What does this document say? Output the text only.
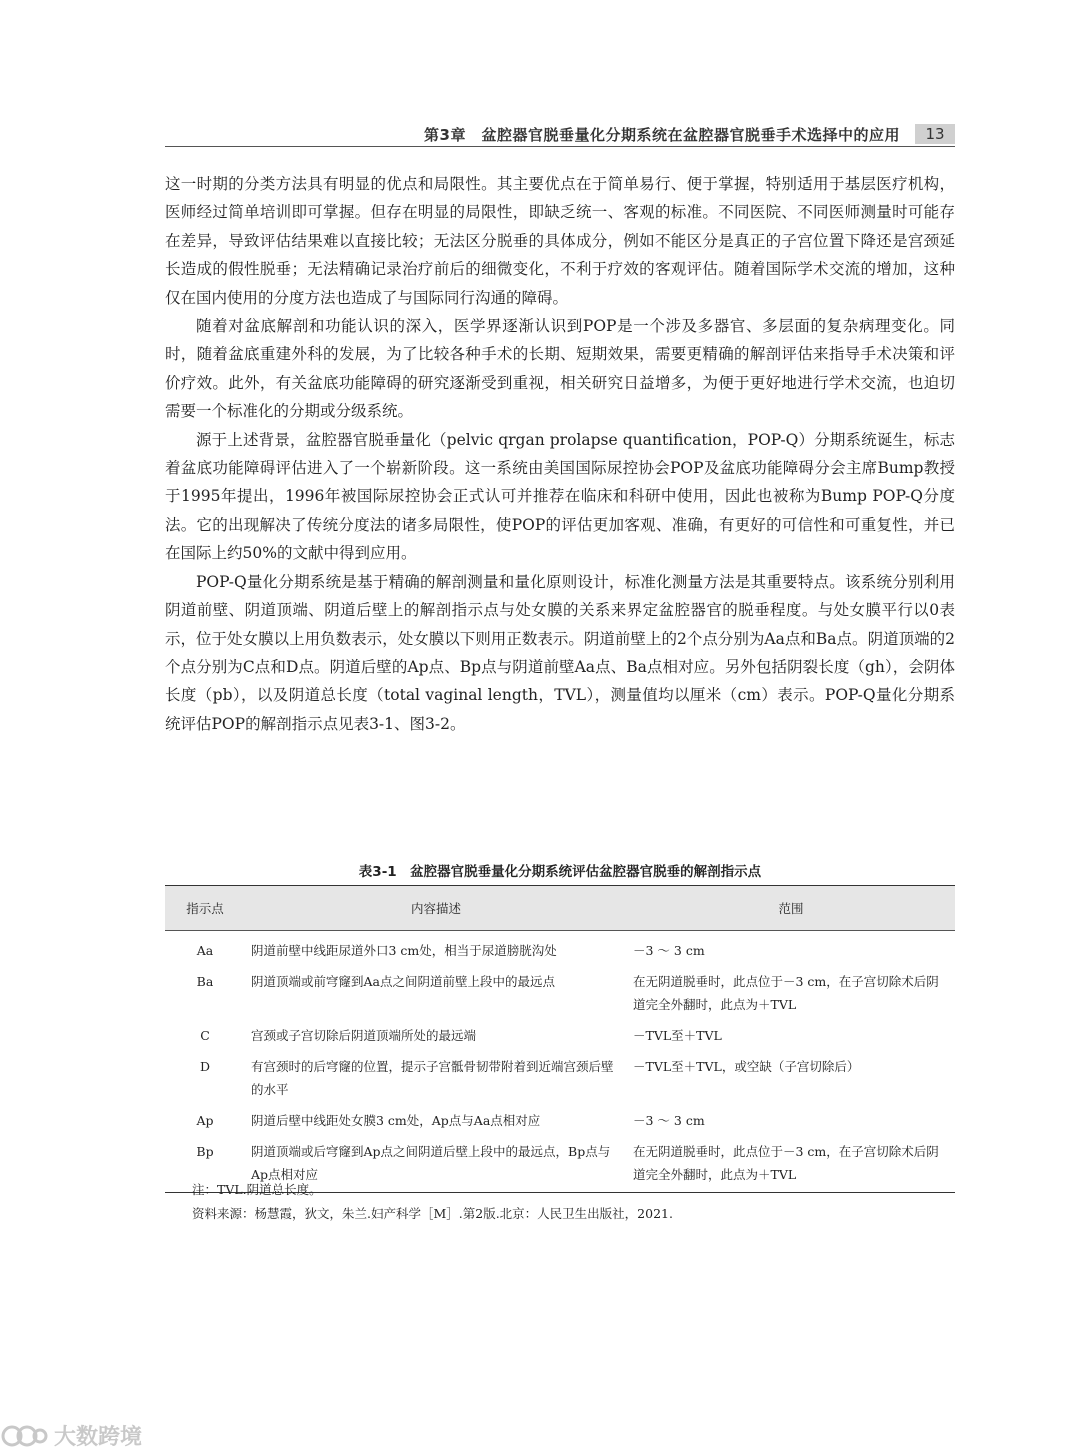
第3章　盆腔器官脱垂量化分期系统在盆腔器官脱垂手术选择中的应用	13

这一时期的分类方法具有明显的优点和局限性。其主要优点在于简单易行、便于掌握，特别适用于基层医疗机构，医师经过简单培训即可掌握。但存在明显的局限性，即缺乏统一、客观的标准。不同医院、不同医师测量时可能存在差异，导致评估结果难以直接比较；无法区分脱垂的具体成分，例如不能区分是真正的子宫位置下降还是宫颈延长造成的假性脱垂；无法精确记录治疗前后的细微变化，不利于疗效的客观评估。随着国际学术交流的增加，这种仅在国内使用的分度方法也造成了与国际同行沟通的障碍。

随着对盆底解剖和功能认识的深入，医学界逐渐认识到POP是一个涉及多器官、多层面的复杂病理变化。同时，随着盆底重建外科的发展，为了比较各种手术的长期、短期效果，需要更精确的解剖评估来指导手术决策和评价疗效。此外，有关盆底功能障碍的研究逐渐受到重视，相关研究日益增多，为便于更好地进行学术交流，也迫切需要一个标准化的分期或分级系统。

源于上述背景，盆腔器官脱垂量化（pelvic qrgan prolapse quantification，POP-Q）分期系统诞生，标志着盆底功能障碍评估进入了一个崭新阶段。这一系统由美国国际尿控协会POP及盆底功能障碍分会主席Bump教授于1995年提出，1996年被国际尿控协会正式认可并推荐在临床和科研中使用，因此也被称为Bump POP-Q分度法。它的出现解决了传统分度法的诸多局限性，使POP的评估更加客观、准确，有更好的可信性和可重复性，并已在国际上约50%的文献中得到应用。

POP-Q量化分期系统是基于精确的解剖测量和量化原则设计，标准化测量方法是其重要特点。该系统分别利用阴道前壁、阴道顶端、阴道后壁上的解剖指示点与处女膜的关系来界定盆腔器官的脱垂程度。与处女膜平行以0表示，位于处女膜以上用负数表示，处女膜以下则用正数表示。阴道前壁上的2个点分别为Aa点和Ba点。阴道顶端的2个点分别为C点和D点。阴道后壁的Ap点、Bp点与阴道前壁Aa点、Ba点相对应。另外包括阴裂长度（gh），会阴体长度（pb），以及阴道总长度（total vaginal length，TVL），测量值均以厘米（cm）表示。POP-Q量化分期系统评估POP的解剖指示点见表3-1、图3-2。

表3-1　盆腔器官脱垂量化分期系统评估盆腔器官脱垂的解剖指示点
指示点	内容描述	范围
Aa	阴道前壁中线距尿道外口3 cm处，相当于尿道膀胱沟处	－3 ～ 3 cm
Ba	阴道顶端或前穹窿到Aa点之间阴道前壁上段中的最远点	在无阴道脱垂时，此点位于－3 cm，在子宫切除术后阴道完全外翻时，此点为＋TVL
C	宫颈或子宫切除后阴道顶端所处的最远端	－TVL至＋TVL
D	有宫颈时的后穹窿的位置，提示子宫骶骨韧带附着到近端宫颈后壁的水平	－TVL至＋TVL，或空缺（子宫切除后）
Ap	阴道后壁中线距处女膜3 cm处，Ap点与Aa点相对应	－3 ～ 3 cm
Bp	阴道顶端或后穹窿到Ap点之间阴道后壁上段中的最远点，Bp点与Ap点相对应	在无阴道脱垂时，此点位于－3 cm，在子宫切除术后阴道完全外翻时，此点为＋TVL
注：TVL.阴道总长度。
资料来源：杨慧霞，狄文，朱兰.妇产科学［M］.第2版.北京：人民卫生出版社，2021.
大数跨境
